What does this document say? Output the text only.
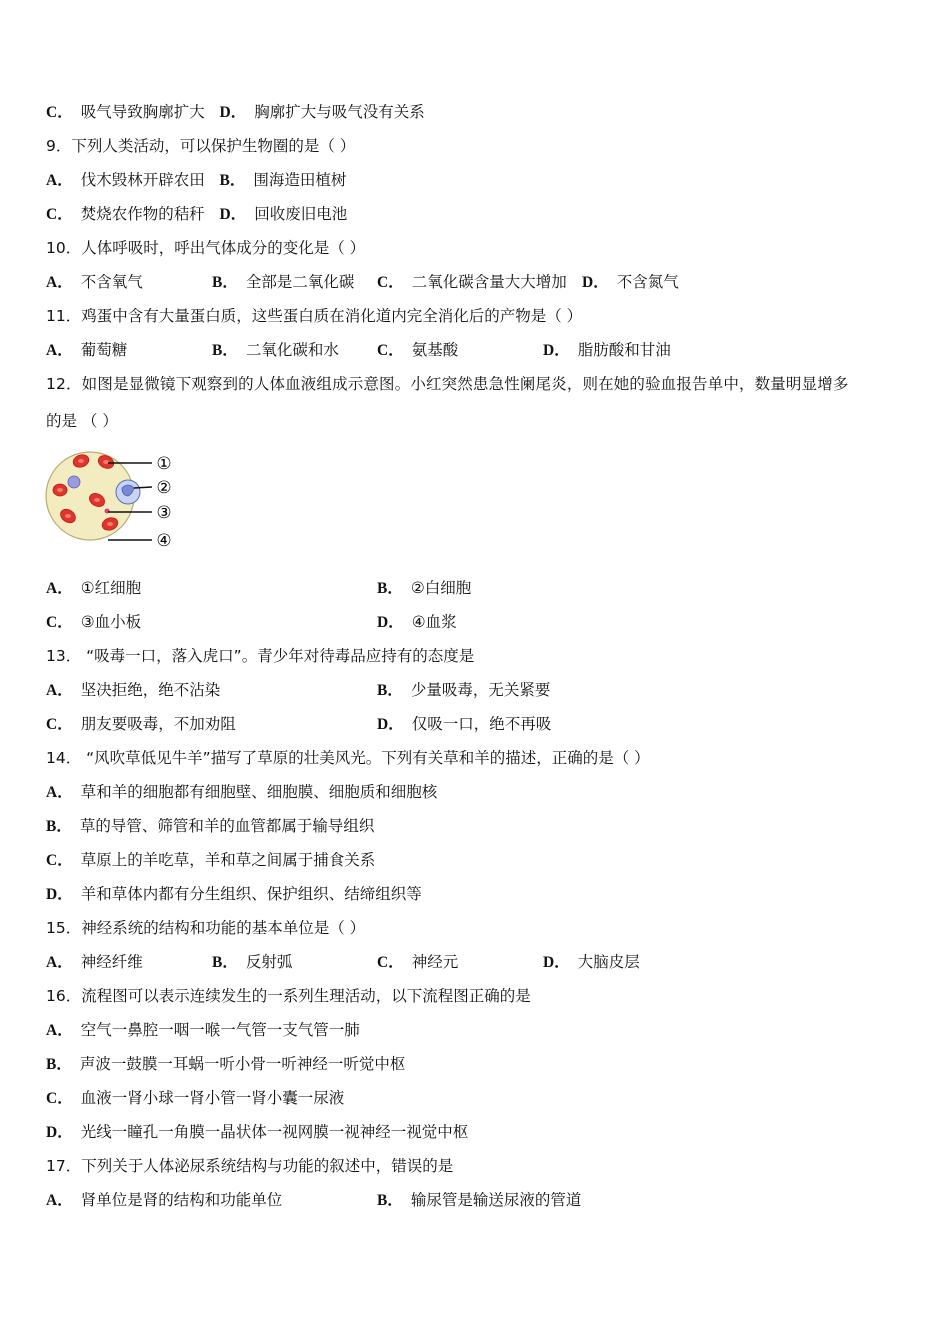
C． 吸气导致胸廓扩大 D． 胸廓扩大与吸气没有关系
9．下列人类活动，可以保护生物圈的是（ ）
A． 伐木毁林开辟农田 B． 围海造田植树
C． 焚烧农作物的秸秆 D． 回收废旧电池
10．人体呼吸时，呼出气体成分的变化是（ ）
A． 不含氧气	B． 全部是二氧化碳 C． 二氧化碳含量大大增加 D． 不含氮气
11．鸡蛋中含有大量蛋白质，这些蛋白质在消化道内完全消化后的产物是（ ）
A． 葡萄糖	B． 二氧化碳和水 C． 氨基酸	D． 脂肪酸和甘油
12．如图是显微镜下观察到的人体血液组成示意图。小红突然患急性阑尾炎，则在她的验血报告单中，数量明显增多
的是 （ ）
①
②
③
④
A． ①红细胞	B． ②白细胞
C． ③血小板	D． ④血浆
13． “吸毒一口，落入虎口”。青少年对待毒品应持有的态度是
A． 坚决拒绝，绝不沾染	B． 少量吸毒，无关紧要
C． 朋友要吸毒，不加劝阻	D． 仅吸一口，绝不再吸
14． “风吹草低见牛羊”描写了草原的壮美风光。下列有关草和羊的描述，正确的是（ ）
A． 草和羊的细胞都有细胞壁、细胞膜、细胞质和细胞核
B． 草的导管、筛管和羊的血管都属于输导组织
C． 草原上的羊吃草，羊和草之间属于捕食关系
D． 羊和草体内都有分生组织、保护组织、结缔组织等
15．神经系统的结构和功能的基本单位是（ ）
A． 神经纤维	B． 反射弧	C． 神经元	D． 大脑皮层
16．流程图可以表示连续发生的一系列生理活动，以下流程图正确的是
A． 空气一鼻腔一咽一喉一气管一支气管一肺
B． 声波一鼓膜一耳蜗一听小骨一听神经一听觉中枢
C． 血液一肾小球一肾小管一肾小囊一尿液
D． 光线一瞳孔一角膜一晶状体一视网膜一视神经一视觉中枢
17．下列关于人体泌尿系统结构与功能的叙述中，错误的是
A． 肾单位是肾的结构和功能单位	B． 输尿管是输送尿液的管道
